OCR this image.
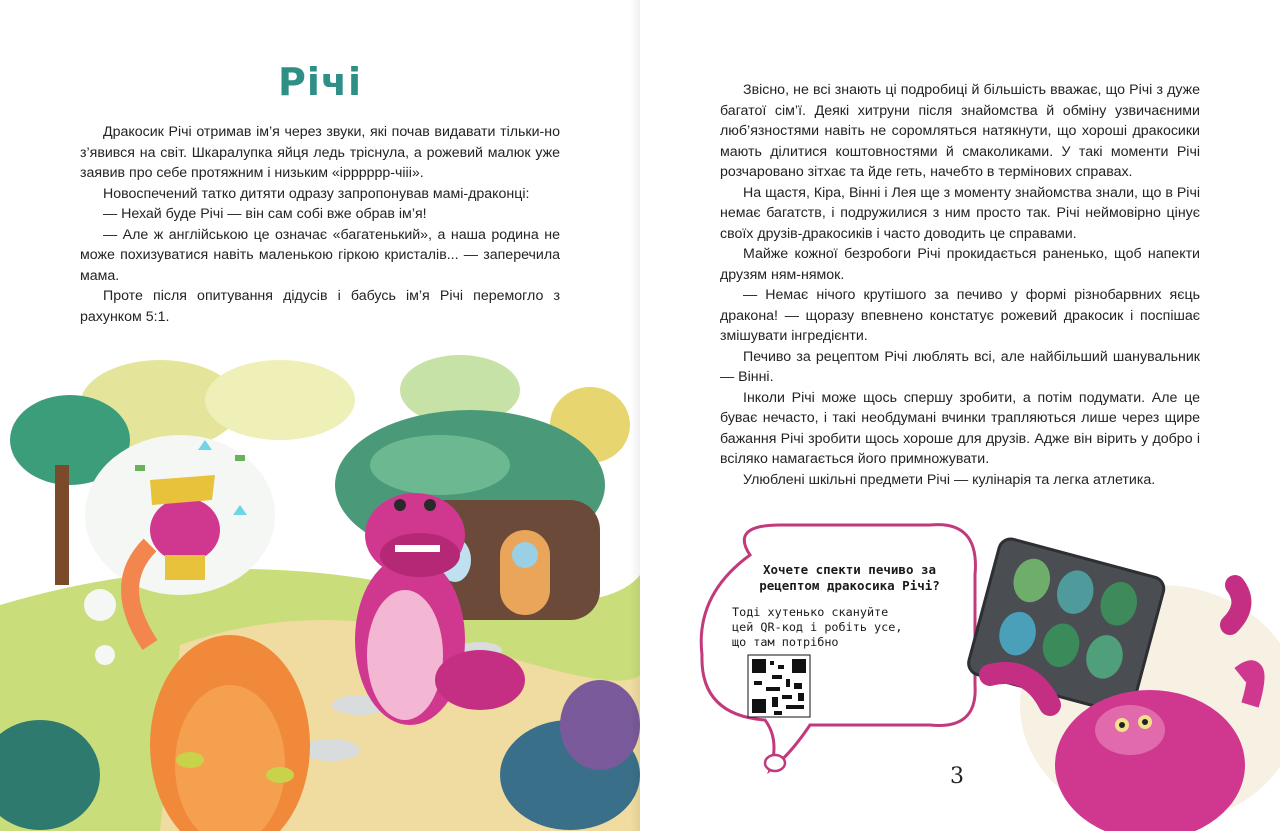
Річі

Дракосик Річі отримав ім’я через звуки, які почав видавати тільки-но з’явився на світ. Шкаралупка яйця ледь тріснула, а рожевий малюк уже заявив про себе протяжним і низьким «ірррррр-чііі».

Новоспечений татко дитяти одразу запропонував мамі-драконці:

— Нехай буде Річі — він сам собі вже обрав ім’я!

— Але ж англійською це означає «багатенький», а наша родина не може похизуватися навіть маленькою гіркою кристалів... — заперечила мама.

Проте після опитування дідусів і бабусь ім’я Річі перемогло з рахунком 5:1.

Звісно, не всі знають ці подробиці й більшість вважає, що Річі з дуже багатої сім’ї. Деякі хитруни після знайомства й обміну узвичаєними люб’язностями навіть не соромляться натякнути, що хороші дракосики мають ділитися коштовностями й смаколиками. У такі моменти Річі розчаровано зітхає та йде геть, начебто в термінових справах.

На щастя, Кіра, Вінні і Лея ще з моменту знайомства знали, що в Річі немає багатств, і подружилися з ним просто так. Річі неймовірно цінує своїх друзів-дракосиків і часто доводить це справами.

Майже кожної безробоги Річі прокидається раненько, щоб напекти друзям ням-нямок.

— Немає нічого крутішого за печиво у формі різнобарвних яєць дракона! — щоразу впевнено констатує рожевий дракосик і поспішає змішувати інгредієнти.

Печиво за рецептом Річі люблять всі, але найбільший шанувальник — Вінні.

Інколи Річі може щось спершу зробити, а потім подумати. Але це буває нечасто, і такі необдумані вчинки трапляються лише через щире бажання Річі зробити щось хороше для друзів. Адже він вірить у добро і всіляко намагається його примножувати.

Улюблені шкільні предмети Річі — кулінарія та легка атлетика.

Хочете спекти печиво за
рецептом дракосика Річі?
Тоді хутенько скануйте
цей QR-код і робіть усе,
що там потрібно
3
